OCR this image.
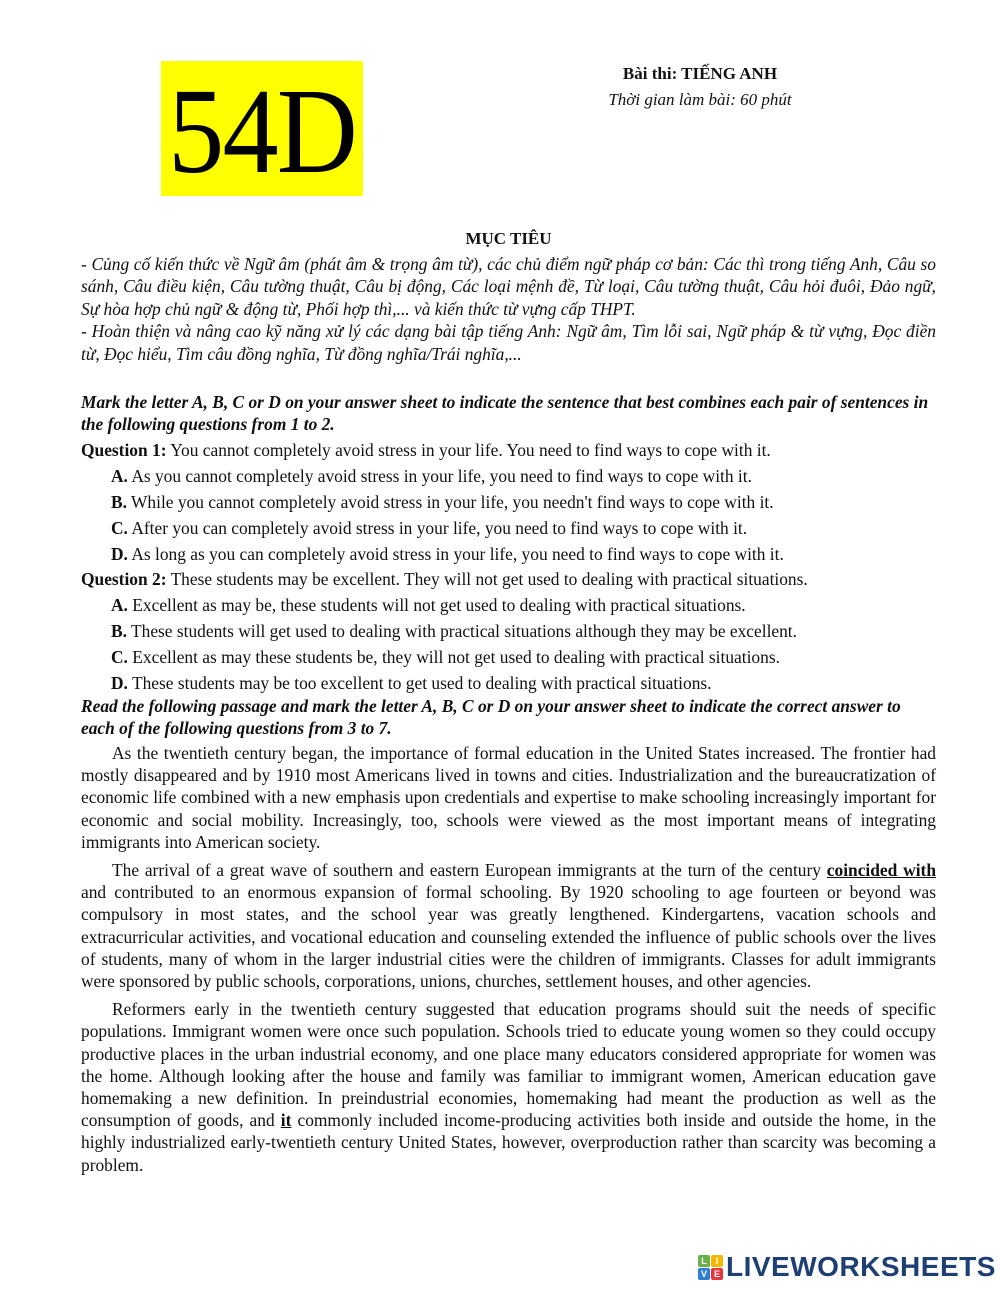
54D	Bài thi: TIẾNG ANH
Thời gian làm bài: 60 phút
MỤC TIÊU

- Củng cố kiến thức về Ngữ âm (phát âm & trọng âm từ), các chủ điểm ngữ pháp cơ bản: Các thì trong tiếng Anh, Câu so sánh, Câu điều kiện, Câu tường thuật, Câu bị động, Các loại mệnh đề, Từ loại, Câu tường thuật, Câu hỏi đuôi, Đảo ngữ, Sự hòa hợp chủ ngữ & động từ, Phối hợp thì,... và kiến thức từ vựng cấp THPT.

- Hoàn thiện và nâng cao kỹ năng xử lý các dạng bài tập tiếng Anh: Ngữ âm, Tìm lỗi sai, Ngữ pháp & từ vựng, Đọc điền từ, Đọc hiểu, Tìm câu đồng nghĩa, Từ đồng nghĩa/Trái nghĩa,...

Mark the letter A, B, C or D on your answer sheet to indicate the sentence that best combines each pair of sentences in the following questions from 1 to 2.

Question 1: You cannot completely avoid stress in your life. You need to find ways to cope with it.

A. As you cannot completely avoid stress in your life, you need to find ways to cope with it.

B. While you cannot completely avoid stress in your life, you needn't find ways to cope with it.

C. After you can completely avoid stress in your life, you need to find ways to cope with it.

D. As long as you can completely avoid stress in your life, you need to find ways to cope with it.

Question 2: These students may be excellent. They will not get used to dealing with practical situations.

A. Excellent as may be, these students will not get used to dealing with practical situations.

B. These students will get used to dealing with practical situations although they may be excellent.

C. Excellent as may these students be, they will not get used to dealing with practical situations.

D. These students may be too excellent to get used to dealing with practical situations.

Read the following passage and mark the letter A, B, C or D on your answer sheet to indicate the correct answer to each of the following questions from 3 to 7.

As the twentieth century began, the importance of formal education in the United States increased. The frontier had mostly disappeared and by 1910 most Americans lived in towns and cities. Industrialization and the bureaucratization of economic life combined with a new emphasis upon credentials and expertise to make schooling increasingly important for economic and social mobility. Increasingly, too, schools were viewed as the most important means of integrating immigrants into American society.

The arrival of a great wave of southern and eastern European immigrants at the turn of the century coincided with and contributed to an enormous expansion of formal schooling. By 1920 schooling to age fourteen or beyond was compulsory in most states, and the school year was greatly lengthened. Kindergartens, vacation schools and extracurricular activities, and vocational education and counseling extended the influence of public schools over the lives of students, many of whom in the larger industrial cities were the children of immigrants. Classes for adult immigrants were sponsored by public schools, corporations, unions, churches, settlement houses, and other agencies.

Reformers early in the twentieth century suggested that education programs should suit the needs of specific populations. Immigrant women were once such population. Schools tried to educate young women so they could occupy productive places in the urban industrial economy, and one place many educators considered appropriate for women was the home. Although looking after the house and family was familiar to immigrant women, American education gave homemaking a new definition. In preindustrial economies, homemaking had meant the production as well as the consumption of goods, and it commonly included income-producing activities both inside and outside the home, in the highly industrialized early-twentieth century United States, however, overproduction rather than scarcity was becoming a problem.

L I
V E LIVEWORKSHEETS
